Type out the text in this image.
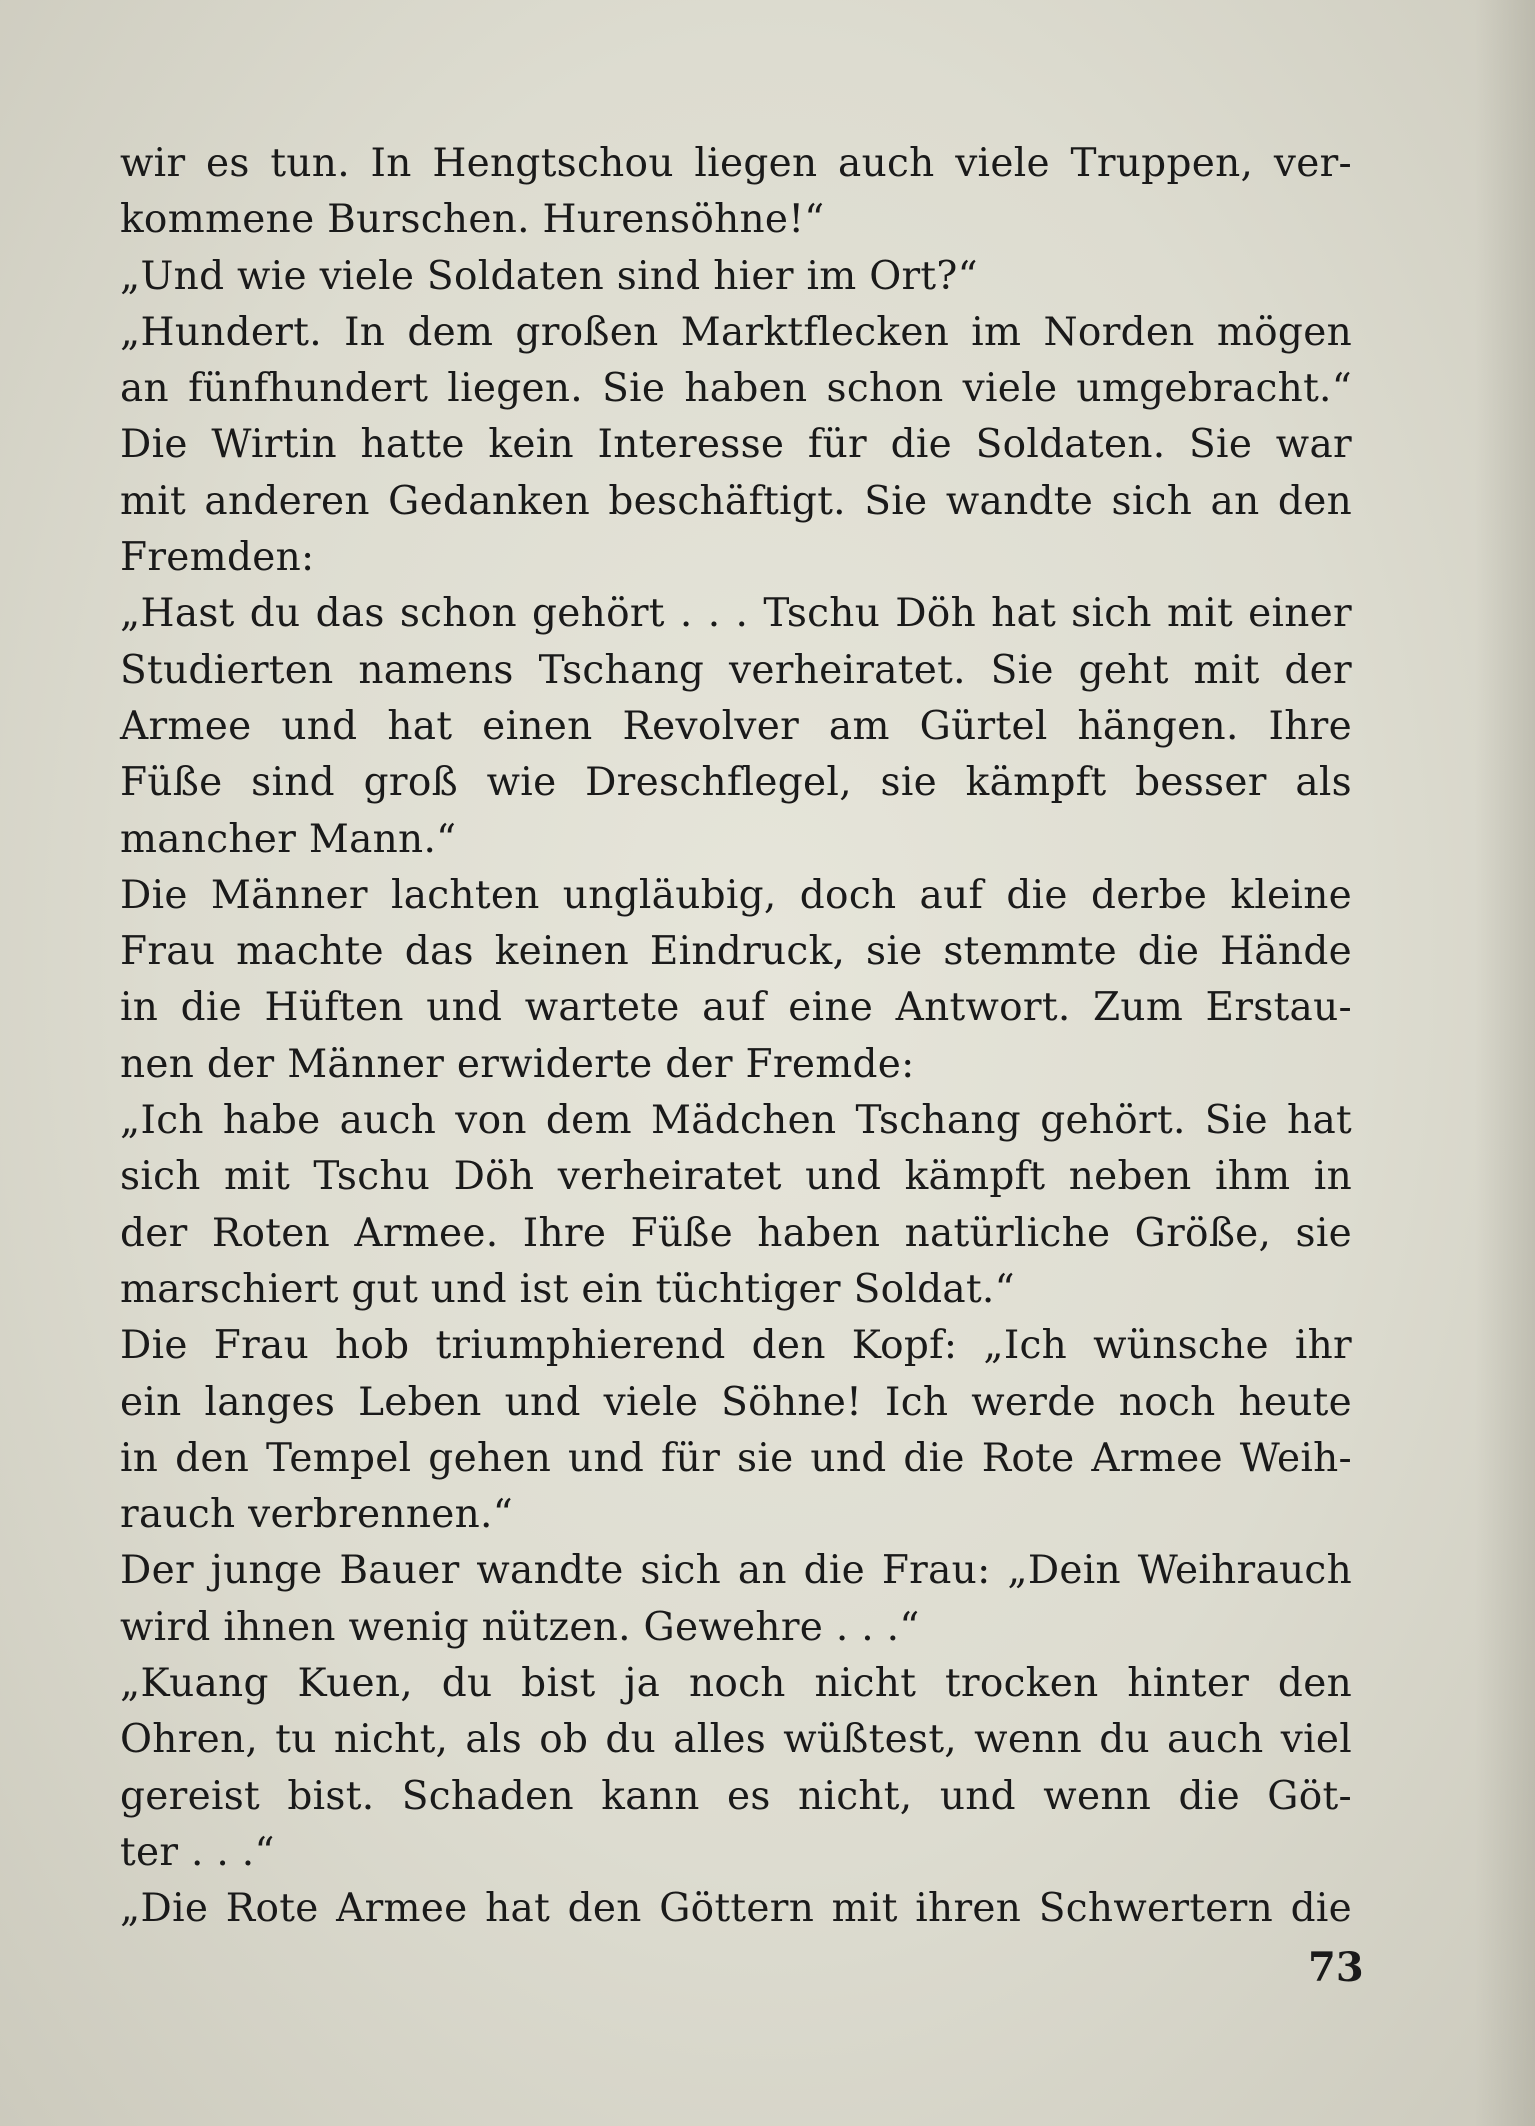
wir es tun. In Hengtschou liegen auch viele Truppen, ver-
kommene Burschen. Hurensöhne!“
„Und wie viele Soldaten sind hier im Ort?“
„Hundert. In dem großen Marktflecken im Norden mögen
an fünfhundert liegen. Sie haben schon viele umgebracht.“
Die Wirtin hatte kein Interesse für die Soldaten. Sie war
mit anderen Gedanken beschäftigt. Sie wandte sich an den
Fremden:
„Hast du das schon gehört . . . Tschu Döh hat sich mit einer
Studierten namens Tschang verheiratet. Sie geht mit der
Armee und hat einen Revolver am Gürtel hängen. Ihre
Füße sind groß wie Dreschflegel, sie kämpft besser als
mancher Mann.“
Die Männer lachten ungläubig, doch auf die derbe kleine
Frau machte das keinen Eindruck, sie stemmte die Hände
in die Hüften und wartete auf eine Antwort. Zum Erstau-
nen der Männer erwiderte der Fremde:
„Ich habe auch von dem Mädchen Tschang gehört. Sie hat
sich mit Tschu Döh verheiratet und kämpft neben ihm in
der Roten Armee. Ihre Füße haben natürliche Größe, sie
marschiert gut und ist ein tüchtiger Soldat.“
Die Frau hob triumphierend den Kopf: „Ich wünsche ihr
ein langes Leben und viele Söhne! Ich werde noch heute
in den Tempel gehen und für sie und die Rote Armee Weih-
rauch verbrennen.“
Der junge Bauer wandte sich an die Frau: „Dein Weihrauch
wird ihnen wenig nützen. Gewehre . . .“
„Kuang Kuen, du bist ja noch nicht trocken hinter den
Ohren, tu nicht, als ob du alles wüßtest, wenn du auch viel
gereist bist. Schaden kann es nicht, und wenn die Göt-
ter . . .“
„Die Rote Armee hat den Göttern mit ihren Schwertern die
73
